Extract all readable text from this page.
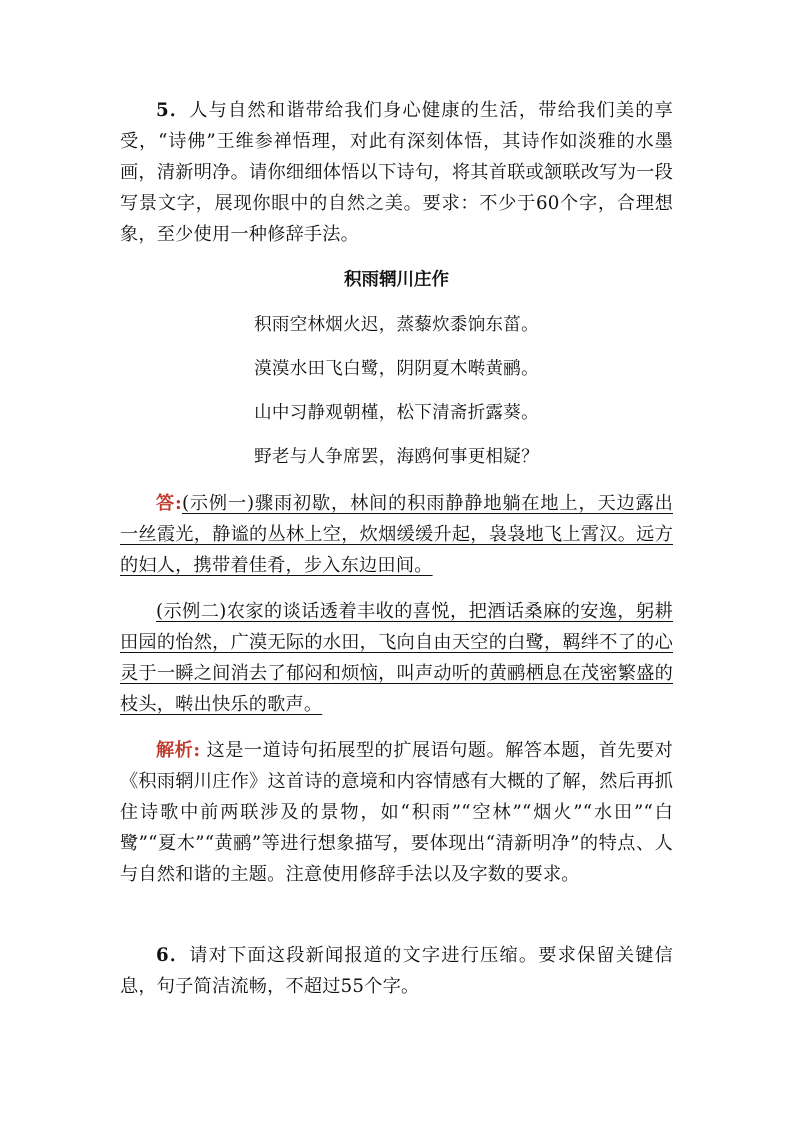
5．人与自然和谐带给我们身心健康的生活，带给我们美的享受，“诗佛”王维参禅悟理，对此有深刻体悟，其诗作如淡雅的水墨画，清新明净。请你细细体悟以下诗句，将其首联或颔联改写为一段写景文字，展现你眼中的自然之美。要求：不少于60个字，合理想象，至少使用一种修辞手法。

积雨辋川庄作
积雨空林烟火迟，蒸藜炊黍饷东菑。
漠漠水田飞白鹭，阴阴夏木啭黄鹂。
山中习静观朝槿，松下清斋折露葵。
野老与人争席罢，海鸥何事更相疑？

答:(示例一)骤雨初歇，林间的积雨静静地躺在地上，天边露出一丝霞光，静谧的丛林上空，炊烟缓缓升起，袅袅地飞上霄汉。远方的妇人，携带着佳肴，步入东边田间。

(示例二)农家的谈话透着丰收的喜悦，把酒话桑麻的安逸，躬耕田园的怡然，广漠无际的水田，飞向自由天空的白鹭，羁绊不了的心灵于一瞬之间消去了郁闷和烦恼，叫声动听的黄鹂栖息在茂密繁盛的枝头，啭出快乐的歌声。

解析: 这是一道诗句拓展型的扩展语句题。解答本题，首先要对《积雨辋川庄作》这首诗的意境和内容情感有大概的了解，然后再抓住诗歌中前两联涉及的景物，如“积雨”“空林”“烟火”“水田”“白鹭”“夏木”“黄鹂”等进行想象描写，要体现出“清新明净”的特点、人与自然和谐的主题。注意使用修辞手法以及字数的要求。

6．请对下面这段新闻报道的文字进行压缩。要求保留关键信息，句子简洁流畅，不超过55个字。
